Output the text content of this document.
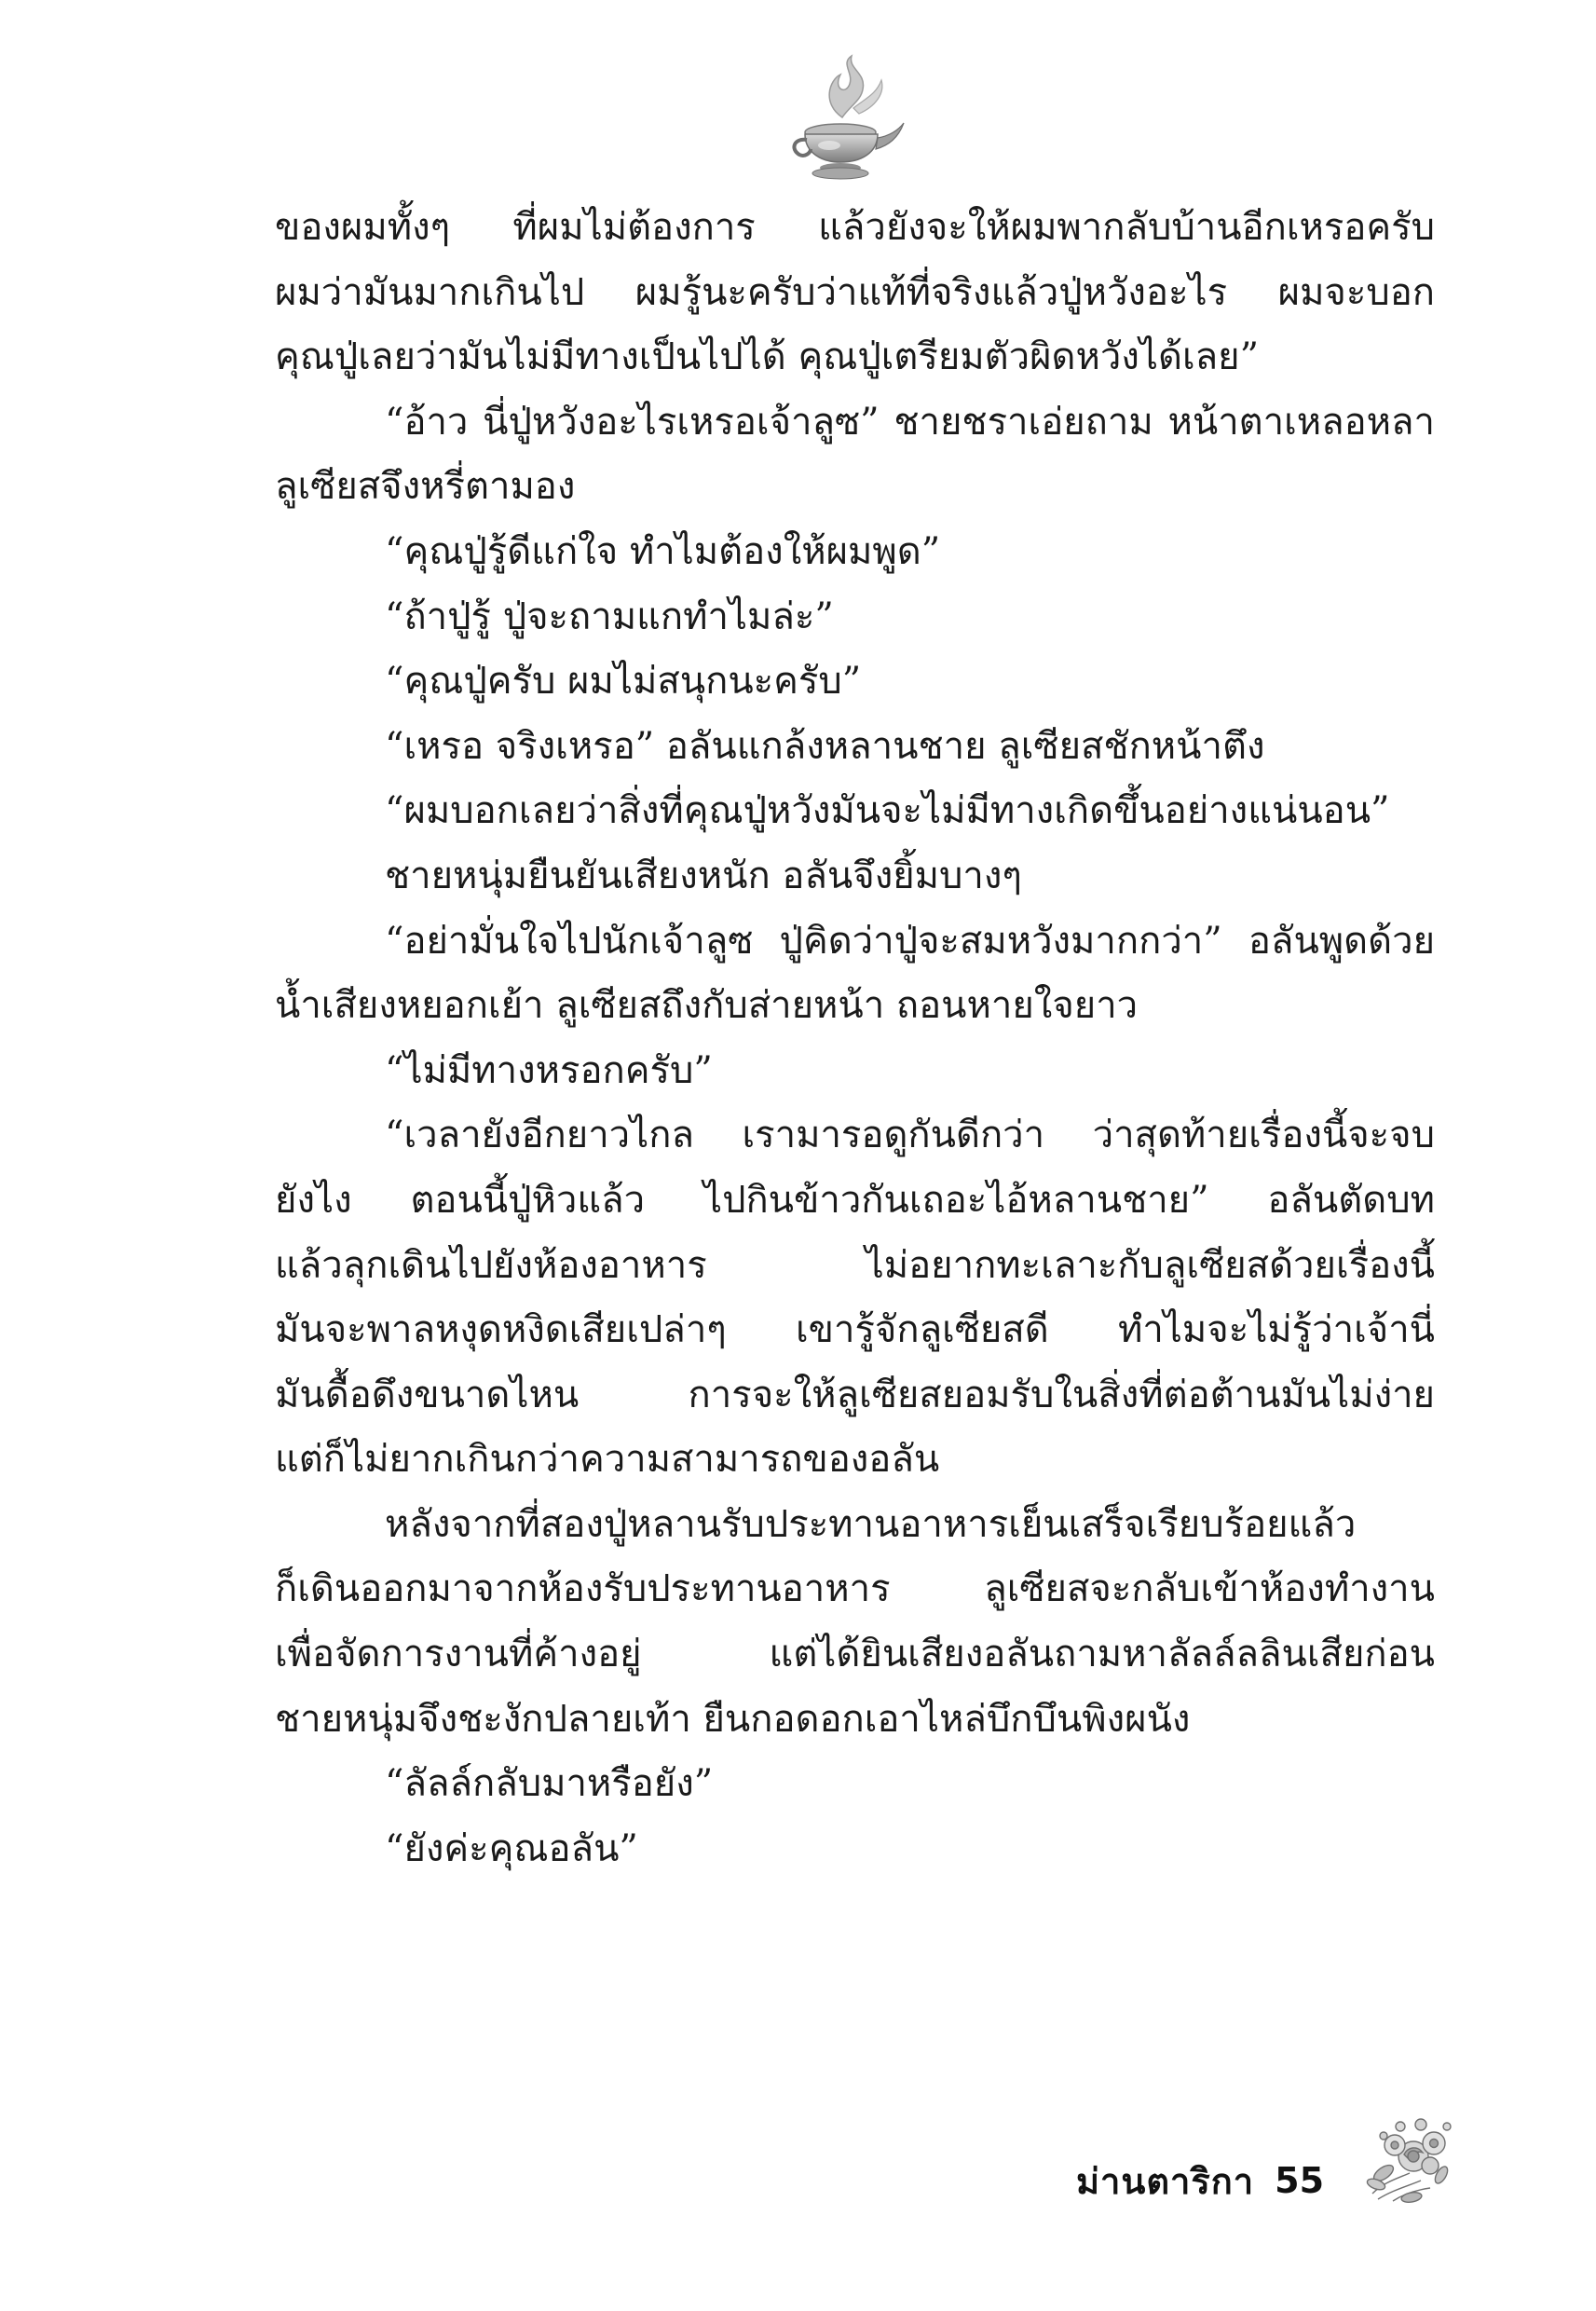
ของผมทั้งๆ ที่ผมไม่ต้องการ แล้วยังจะให้ผมพากลับบ้านอีกเหรอครับ
ผมว่ามันมากเกินไป ผมรู้นะครับว่าแท้ที่จริงแล้วปู่หวังอะไร ผมจะบอก
คุณปู่เลยว่ามันไม่มีทางเป็นไปได้ คุณปู่เตรียมตัวผิดหวังได้เลย”
“อ้าว นี่ปู่หวังอะไรเหรอเจ้าลูซ” ชายชราเอ่ยถาม หน้าตาเหลอหลา
ลูเซียสจึงหรี่ตามอง
“คุณปู่รู้ดีแก่ใจ ทำไมต้องให้ผมพูด”
“ถ้าปู่รู้ ปู่จะถามแกทำไมล่ะ”
“คุณปู่ครับ ผมไม่สนุกนะครับ”
“เหรอ จริงเหรอ” อลันแกล้งหลานชาย ลูเซียสชักหน้าตึง
“ผมบอกเลยว่าสิ่งที่คุณปู่หวังมันจะไม่มีทางเกิดขึ้นอย่างแน่นอน”
ชายหนุ่มยืนยันเสียงหนัก อลันจึงยิ้มบางๆ
“อย่ามั่นใจไปนักเจ้าลูซ ปู่คิดว่าปู่จะสมหวังมากกว่า” อลันพูดด้วย
น้ำเสียงหยอกเย้า ลูเซียสถึงกับส่ายหน้า ถอนหายใจยาว
“ไม่มีทางหรอกครับ”
“เวลายังอีกยาวไกล เรามารอดูกันดีกว่า ว่าสุดท้ายเรื่องนี้จะจบ
ยังไง ตอนนี้ปู่หิวแล้ว ไปกินข้าวกันเถอะไอ้หลานชาย” อลันตัดบท
แล้วลุกเดินไปยังห้องอาหาร ไม่อยากทะเลาะกับลูเซียสด้วยเรื่องนี้
มันจะพาลหงุดหงิดเสียเปล่าๆ เขารู้จักลูเซียสดี ทำไมจะไม่รู้ว่าเจ้านี่
มันดื้อดึงขนาดไหน การจะให้ลูเซียสยอมรับในสิ่งที่ต่อต้านมันไม่ง่าย
แต่ก็ไม่ยากเกินกว่าความสามารถของอลัน
หลังจากที่สองปู่หลานรับประทานอาหารเย็นเสร็จเรียบร้อยแล้ว
ก็เดินออกมาจากห้องรับประทานอาหาร ลูเซียสจะกลับเข้าห้องทำงาน
เพื่อจัดการงานที่ค้างอยู่ แต่ได้ยินเสียงอลันถามหาลัลล์ลลินเสียก่อน
ชายหนุ่มจึงชะงักปลายเท้า ยืนกอดอกเอาไหล่บึกบึนพิงผนัง
“ลัลล์กลับมาหรือยัง”
“ยังค่ะคุณอลัน”
ม่านตาริกา 55
